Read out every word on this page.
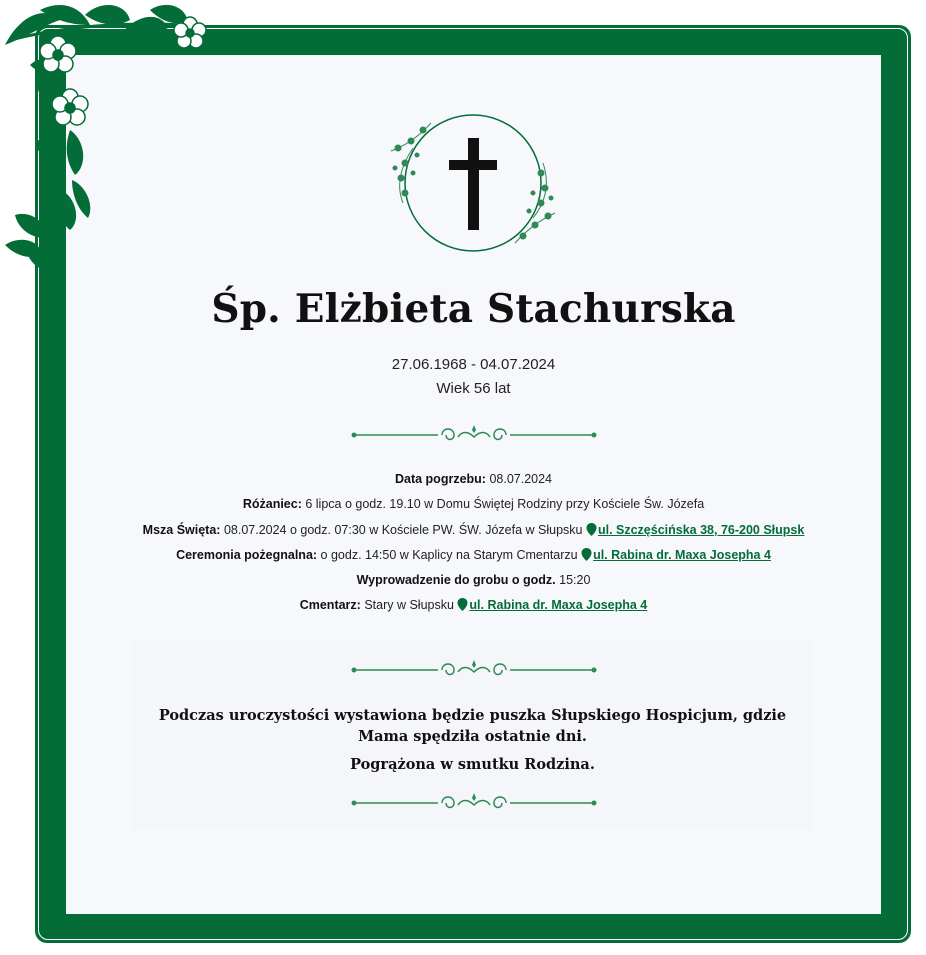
Śp. Elżbieta Stachurska
27.06.1968 - 04.07.2024
Wiek 56 lat
Data pogrzebu: 08.07.2024
Różaniec: 6 lipca o godz. 19.10 w Domu Świętej Rodziny przy Kościele Św. Józefa
Msza Święta: 08.07.2024 o godz. 07:30 w Kościele PW. ŚW. Józefa w Słupsku ul. Szczęścińska 38, 76-200 Słupsk
Ceremonia pożegnalna: o godz. 14:50 w Kaplicy na Starym Cmentarzu ul. Rabina dr. Maxa Josepha 4
Wyprowadzenie do grobu o godz. 15:20
Cmentarz: Stary w Słupsku ul. Rabina dr. Maxa Josepha 4
Podczas uroczystości wystawiona będzie puszka Słupskiego Hospicjum, gdzie Mama spędziła ostatnie dni.
Pogrążona w smutku Rodzina.
